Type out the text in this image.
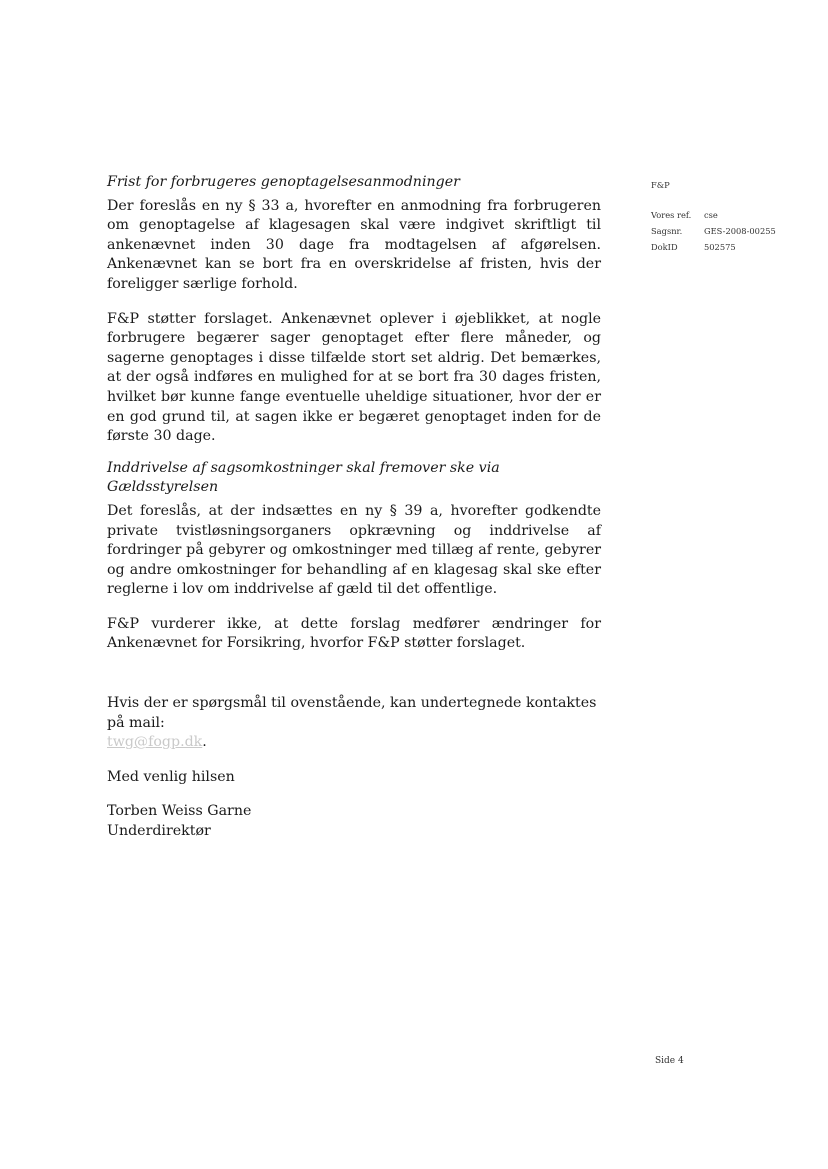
F&P
Vores ref.	cse
Sagsnr.	GES-2008-00255
DokID	502575
Frist for forbrugeres genoptagelsesanmodninger

Der foreslås en ny § 33 a, hvorefter en anmodning fra forbrugeren om genoptagelse af klagesagen skal være indgivet skriftligt til ankenævnet inden 30 dage fra modtagelsen af afgørelsen. Ankenævnet kan se bort fra en overskridelse af fristen, hvis der foreligger særlige forhold.

F&P støtter forslaget. Ankenævnet oplever i øjeblikket, at nogle forbrugere begærer sager genoptaget efter flere måneder, og sagerne genoptages i disse tilfælde stort set aldrig. Det bemærkes, at der også indføres en mulighed for at se bort fra 30 dages fristen, hvilket bør kunne fange eventuelle uheldige situationer, hvor der er en god grund til, at sagen ikke er begæret genoptaget inden for de første 30 dage.

Inddrivelse af sagsomkostninger skal fremover ske via Gældsstyrelsen

Det foreslås, at der indsættes en ny § 39 a, hvorefter godkendte private tvistløsningsorganers opkrævning og inddrivelse af fordringer på gebyrer og omkostninger med tillæg af rente, gebyrer og andre omkostninger for behandling af en klagesag skal ske efter reglerne i lov om inddrivelse af gæld til det offentlige.

F&P vurderer ikke, at dette forslag medfører ændringer for Ankenævnet for Forsikring, hvorfor F&P støtter forslaget.

Hvis der er spørgsmål til ovenstående, kan undertegnede kontaktes på mail:
twg@fogp.dk.
Med venlig hilsen
Torben Weiss Garne
Underdirektør
Side 4
